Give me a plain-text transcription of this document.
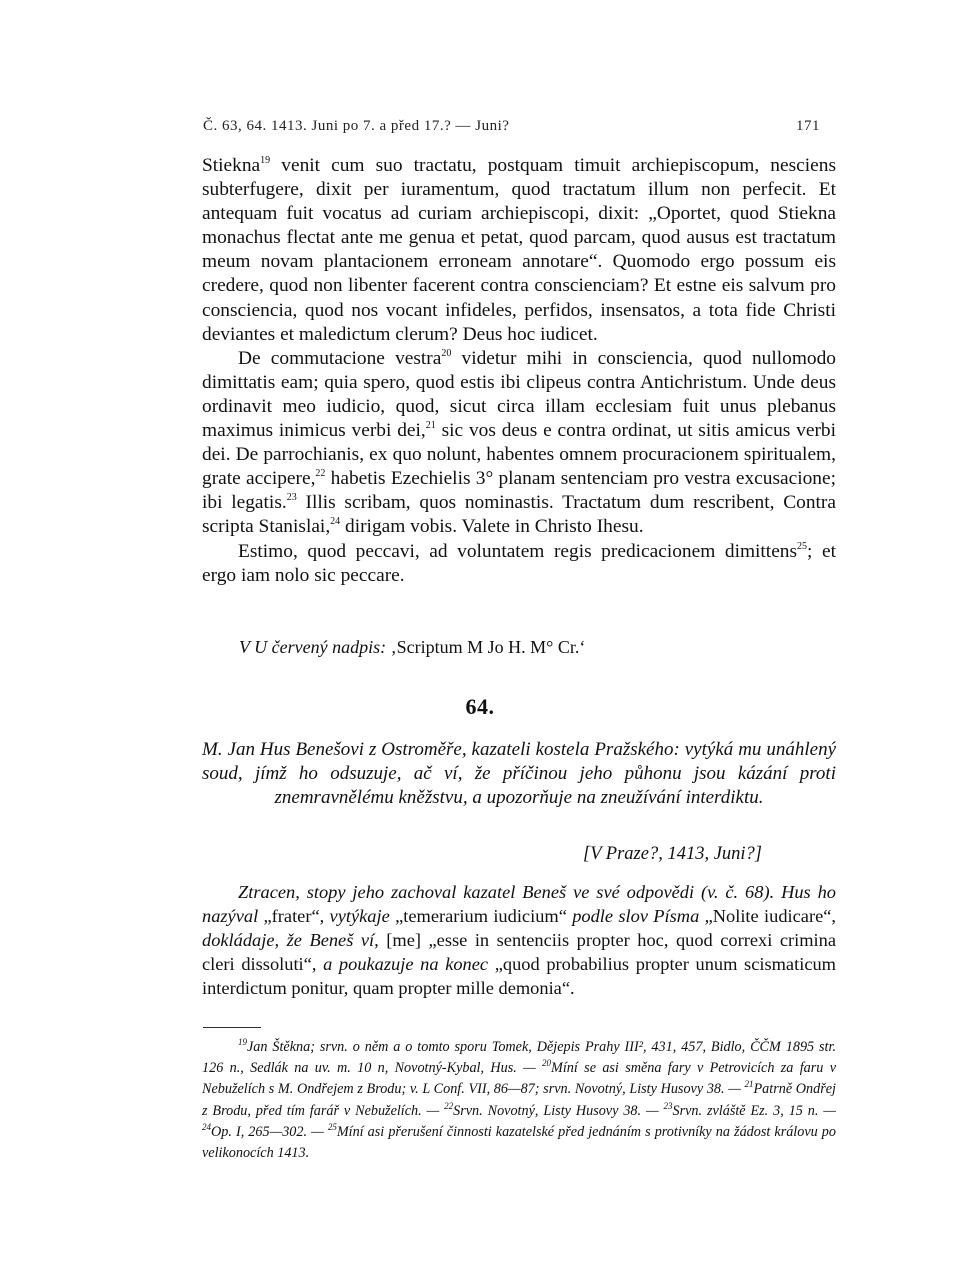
Č. 63, 64. 1413. Juni po 7. a před 17.? — Juni?	171

Stiekna$^{19}$ venit cum suo tractatu, postquam timuit archiepiscopum, nesciens subterfugere, dixit per iuramentum, quod tractatum illum non perfecit. Et antequam fuit vocatus ad curiam archiepiscopi, dixit: „Oportet, quod Stiekna monachus flectat ante me genua et petat, quod parcam, quod ausus est tractatum meum novam plantacionem erroneam annotare“. Quomodo ergo possum eis credere, quod non libenter facerent contra conscienciam? Et estne eis salvum pro consciencia, quod nos vocant infideles, perfidos, insensatos, a tota fide Christi deviantes et maledictum clerum? Deus hoc iudicet.

De commutacione vestra$^{20}$ videtur mihi in consciencia, quod nullomodo dimittatis eam; quia spero, quod estis ibi clipeus contra Antichristum. Unde deus ordinavit meo iudicio, quod, sicut circa illam ecclesiam fuit unus plebanus maximus inimicus verbi dei,$^{21}$ sic vos deus e contra ordinat, ut sitis amicus verbi dei. De parrochianis, ex quo nolunt, habentes omnem procuracionem spiritualem, grate accipere,$^{22}$ habetis Ezechielis 3° planam sentenciam pro vestra excusacione; ibi legatis.$^{23}$ Illis scribam, quos nominastis. Tractatum dum rescribent, Contra scripta Stanislai,$^{24}$ dirigam vobis. Valete in Christo Ihesu.

Estimo, quod peccavi, ad voluntatem regis predicacionem dimittens$^{25}$; et ergo iam nolo sic peccare.

V U červený nadpis: ‚Scriptum M Jo H. M° Cr.‘
64.

M. Jan Hus Benešovi z Ostroměře, kazateli kostela Pražského: vytýká mu unáhlený soud, jímž ho odsuzuje, ač ví, že příčinou jeho půhonu jsou kázání proti znemravnělému kněžstvu, a upozorňuje na zneužívání interdiktu.

[V Praze?, 1413, Juni?]

Ztracen, stopy jeho zachoval kazatel Beneš ve své odpovědi (v. č. 68). Hus ho nazýval „frater“, vytýkaje „temerarium iudicium“ podle slov Písma „Nolite iudicare“, dokládaje, že Beneš ví, [me] „esse in sentenciis propter hoc, quod correxi crimina cleri dissoluti“, a poukazuje na konec „quod probabilius propter unum scismaticum interdictum ponitur, quam propter mille demonia“.

$^{19}$Jan Štěkna; srvn. o něm a o tomto sporu Tomek, Dějepis Prahy III², 431, 457, Bidlo, ČČM 1895 str. 126 n., Sedlák na uv. m. 10 n, Novotný-Kybal, Hus. — $^{20}$Míní se asi směna fary v Petrovicích za faru v Nebuželích s M. Ondřejem z Brodu; v. L Conf. VII, 86—87; srvn. Novotný, Listy Husovy 38. — $^{21}$Patrně Ondřej z Brodu, před tím farář v Nebuželích. — $^{22}$Srvn. Novotný, Listy Husovy 38. — $^{23}$Srvn. zvláště Ez. 3, 15 n. — $^{24}$Op. I, 265—302. — $^{25}$Míní asi přerušení činnosti kazatelské před jednáním s protivníky na žádost královu po velikonocích 1413.
